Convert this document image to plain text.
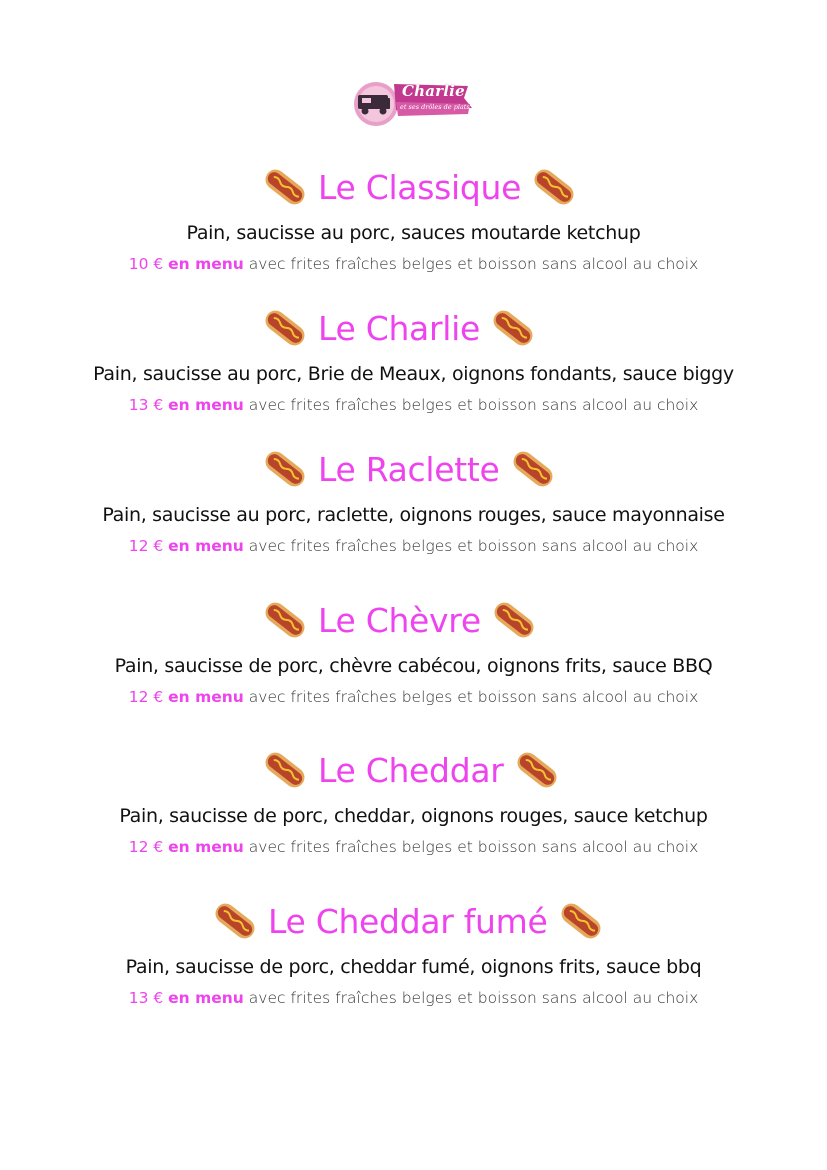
Charlie
et ses drôles de plats
Le Classique
Pain, saucisse au porc, sauces moutarde ketchup
10 € en menu avec frites fraîches belges et boisson sans alcool au choix
Le Charlie
Pain, saucisse au porc, Brie de Meaux, oignons fondants, sauce biggy
13 € en menu avec frites fraîches belges et boisson sans alcool au choix
Le Raclette
Pain, saucisse au porc, raclette, oignons rouges, sauce mayonnaise
12 € en menu avec frites fraîches belges et boisson sans alcool au choix
Le Chèvre
Pain, saucisse de porc, chèvre cabécou, oignons frits, sauce BBQ
12 € en menu avec frites fraîches belges et boisson sans alcool au choix
Le Cheddar
Pain, saucisse de porc, cheddar, oignons rouges, sauce ketchup
12 € en menu avec frites fraîches belges et boisson sans alcool au choix
Le Cheddar fumé
Pain, saucisse de porc, cheddar fumé, oignons frits, sauce bbq
13 € en menu avec frites fraîches belges et boisson sans alcool au choix
